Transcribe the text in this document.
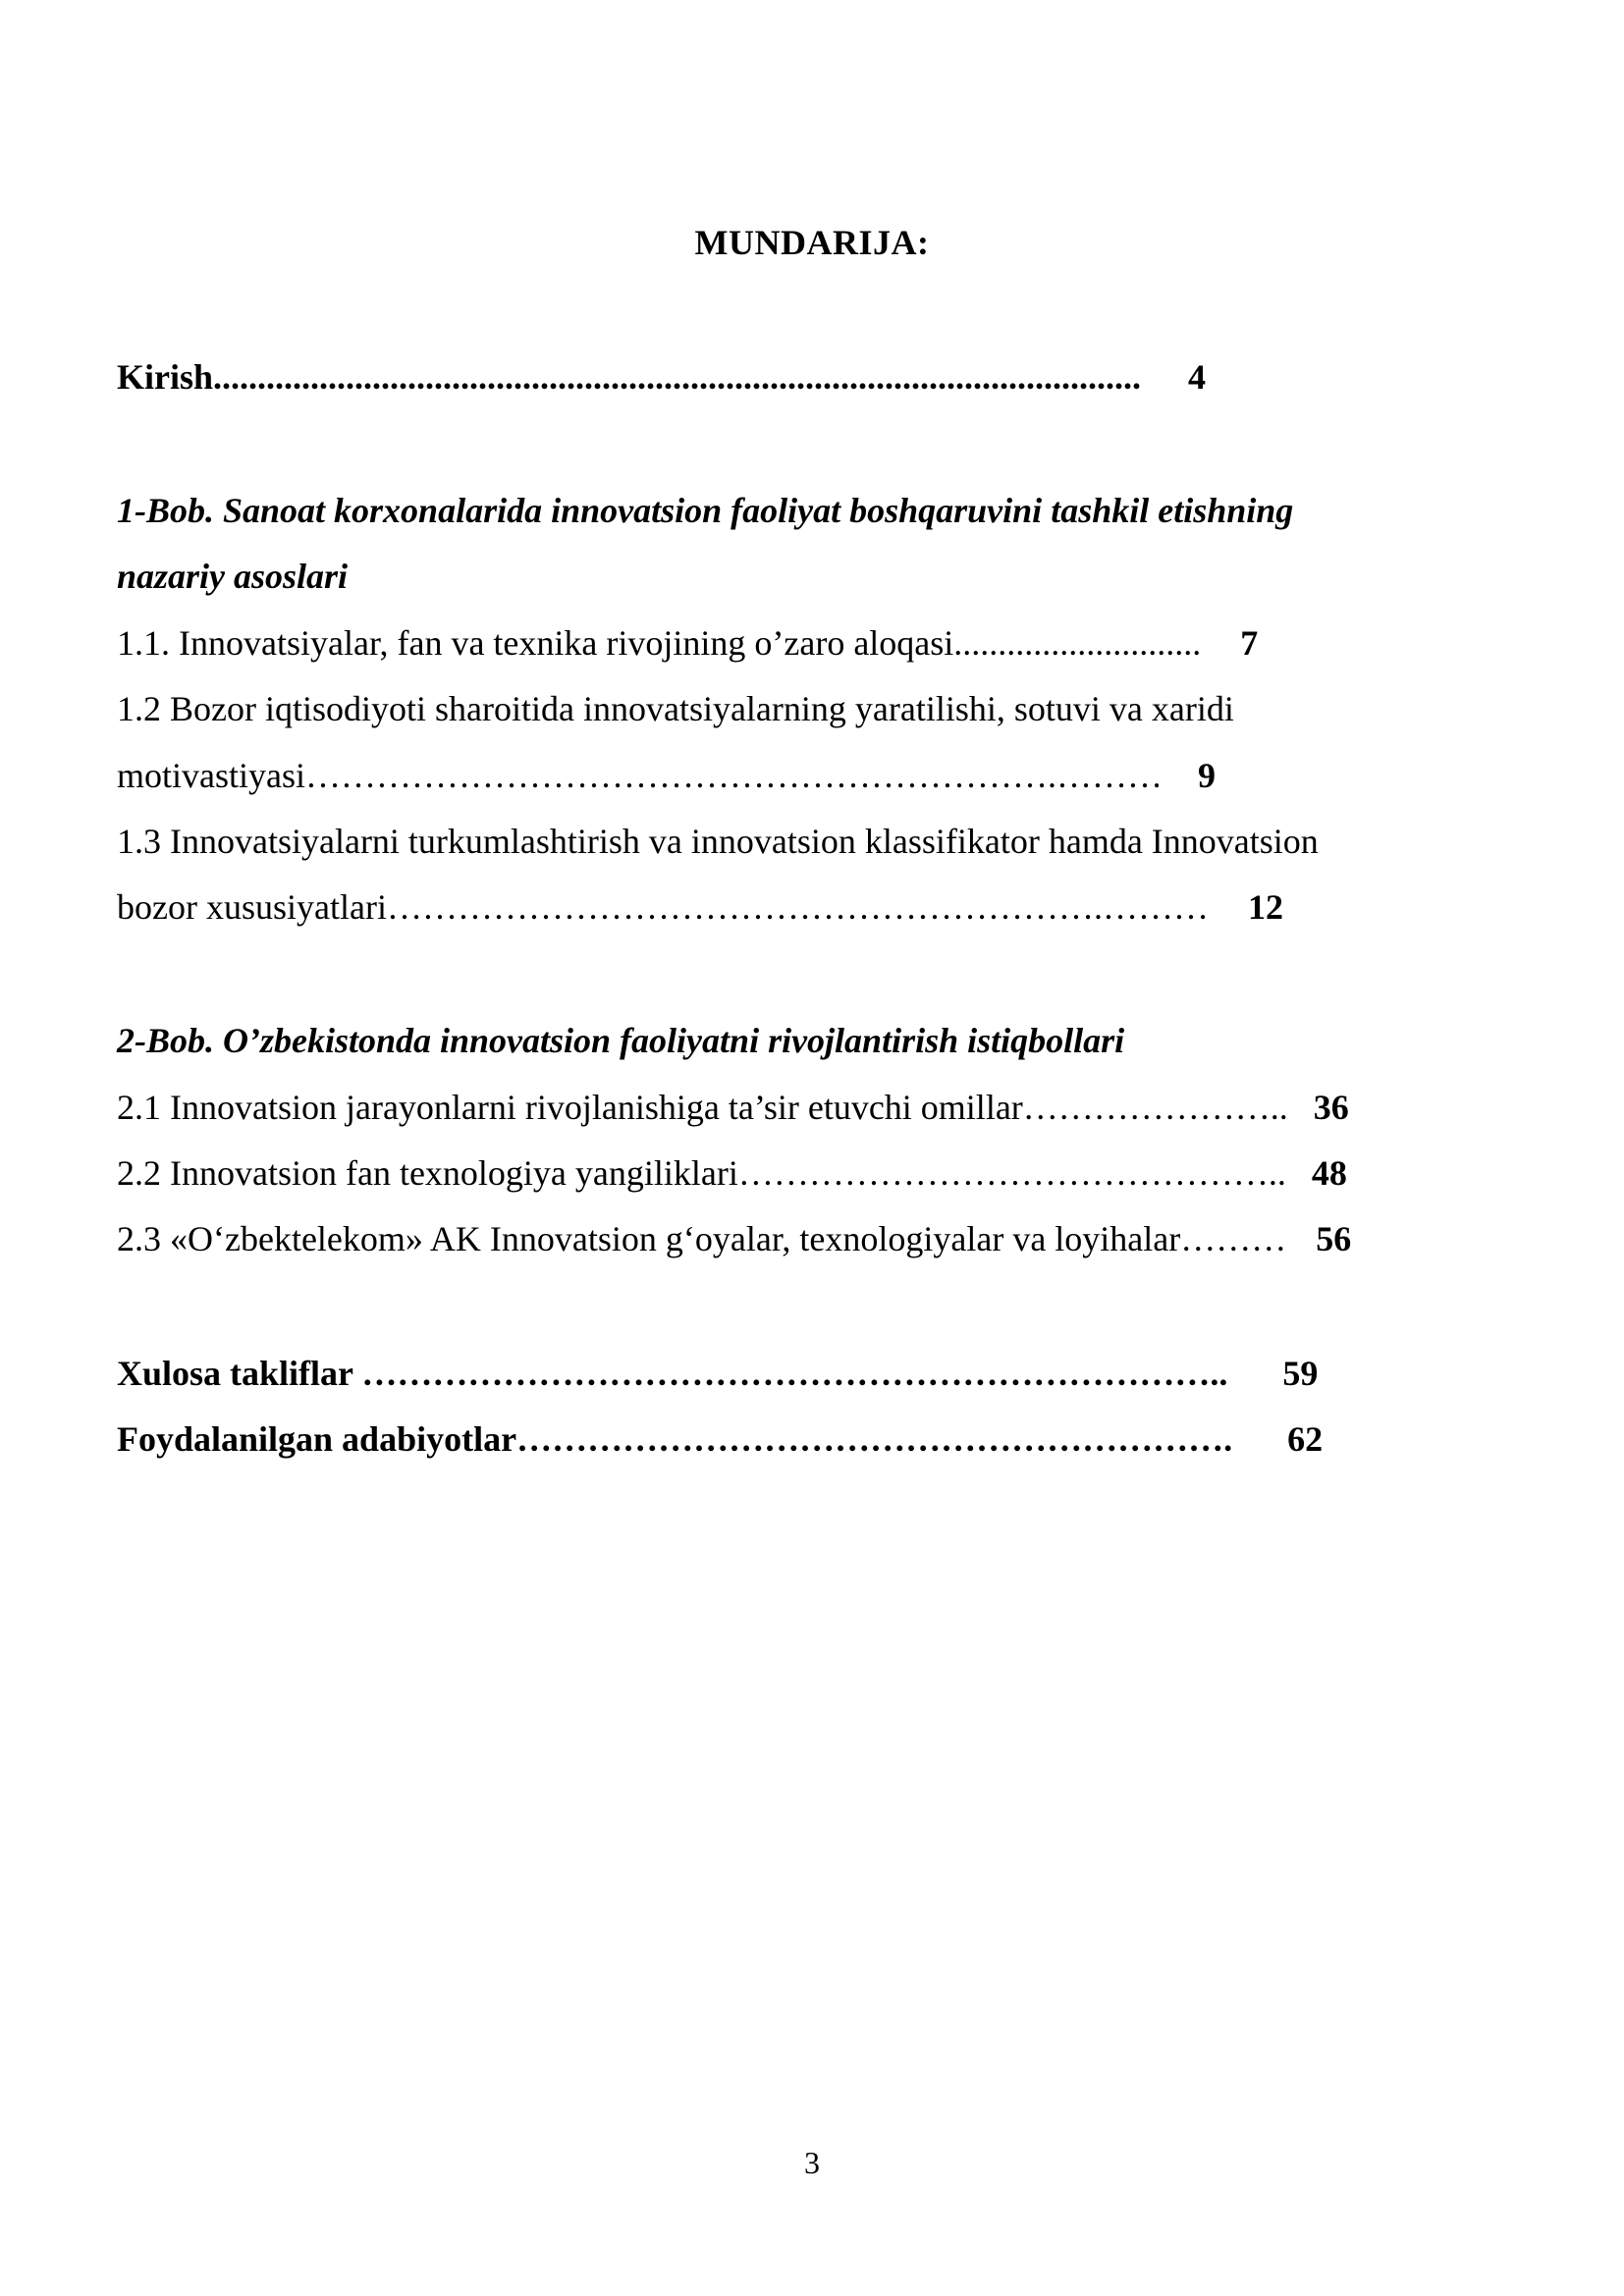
MUNDARIJA:
Kirish......................................................................................................... 4
1-Bob. Sanoat korxonalarida innovatsion faoliyat boshqaruvini tashkil etishning
nazariy asoslari
1.1. Innovatsiyalar, fan va texnika rivojining o’zaro aloqasi............................ 7
1.2 Bozor iqtisodiyoti sharoitida innovatsiyalarning yaratilishi, sotuvi va xaridi
motivastiyasi……………………………………………………….……… 9
1.3 Innovatsiyalarni turkumlashtirish va innovatsion klassifikator hamda Innovatsion
bozor xususiyatlari…………………………………………………….……… 12
2-Bob. O’zbekistonda innovatsion faoliyatni rivojlantirish istiqbollari
2.1 Innovatsion jarayonlarni rivojlanishiga ta’sir etuvchi omillar………………….. 36
2.2 Innovatsion fan texnologiya yangiliklari……………………………………….. 48
2.3 «O‘zbektelekom» AK Innovatsion g‘oyalar, texnologiyalar va loyihalar……… 56
Xulosa takliflar ……………………………………………………………….. 59
Foydalanilgan adabiyotlar……………………………………………………. 62
3
